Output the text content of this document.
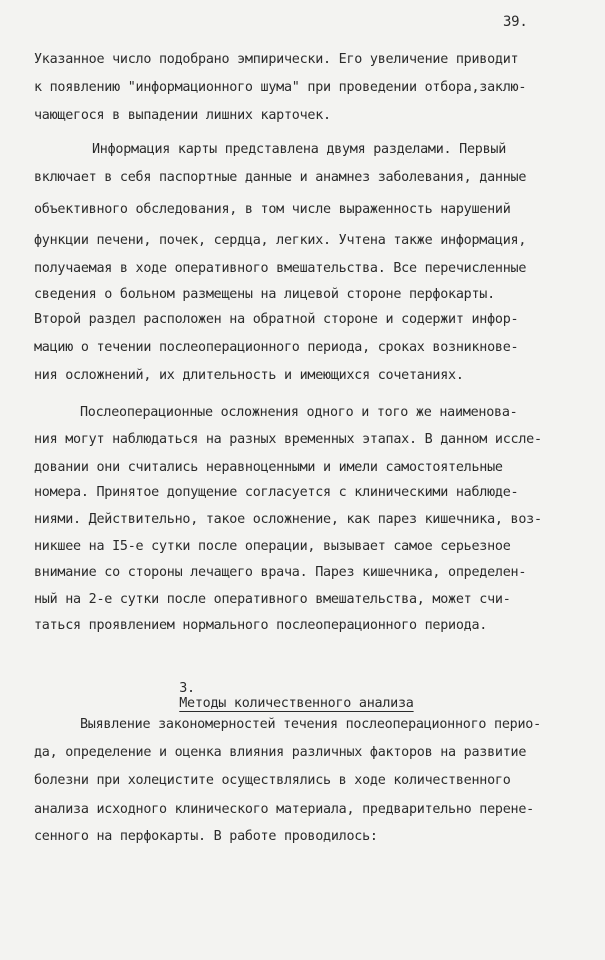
39.
Указанное число подобрано эмпирически. Его увеличение приводит
к появлению "информационного шума" при проведении отбора,заклю-
чающегося в выпадении лишних карточек.
Информация карты представлена двумя разделами. Первый
включает в себя паспортные данные и анамнез заболевания, данные
объективного обследования, в том числе выраженность нарушений
функции печени, почек, сердца, легких. Учтена также информация,
получаемая в ходе оперативного вмешательства. Все перечисленные
сведения о больном размещены на лицевой стороне перфокарты.
Второй раздел расположен на обратной стороне и содержит инфор-
мацию о течении послеоперационного периода, сроках возникнове-
ния осложнений, их длительность и имеющихся сочетаниях.
Послеоперационные осложнения одного и того же наименова-
ния могут наблюдаться на разных временных этапах. В данном иссле-
довании они считались неравноценными и имели самостоятельные
номера. Принятое допущение согласуется с клиническими наблюде-
ниями. Действительно, такое осложнение, как парез кишечника, воз-
никшее на I5-е сутки после операции, вызывает самое серьезное
внимание со стороны лечащего врача. Парез кишечника, определен-
ный на 2-е сутки после оперативного вмешательства, может счи-
таться проявлением нормального послеоперационного периода.

3.
Методы количественного анализа

Выявление закономерностей течения послеоперационного перио-
да, определение и оценка влияния различных факторов на развитие
болезни при холецистите осуществлялись в ходе количественного
анализа исходного клинического материала, предварительно перене-
сенного на перфокарты. В работе проводилось:
